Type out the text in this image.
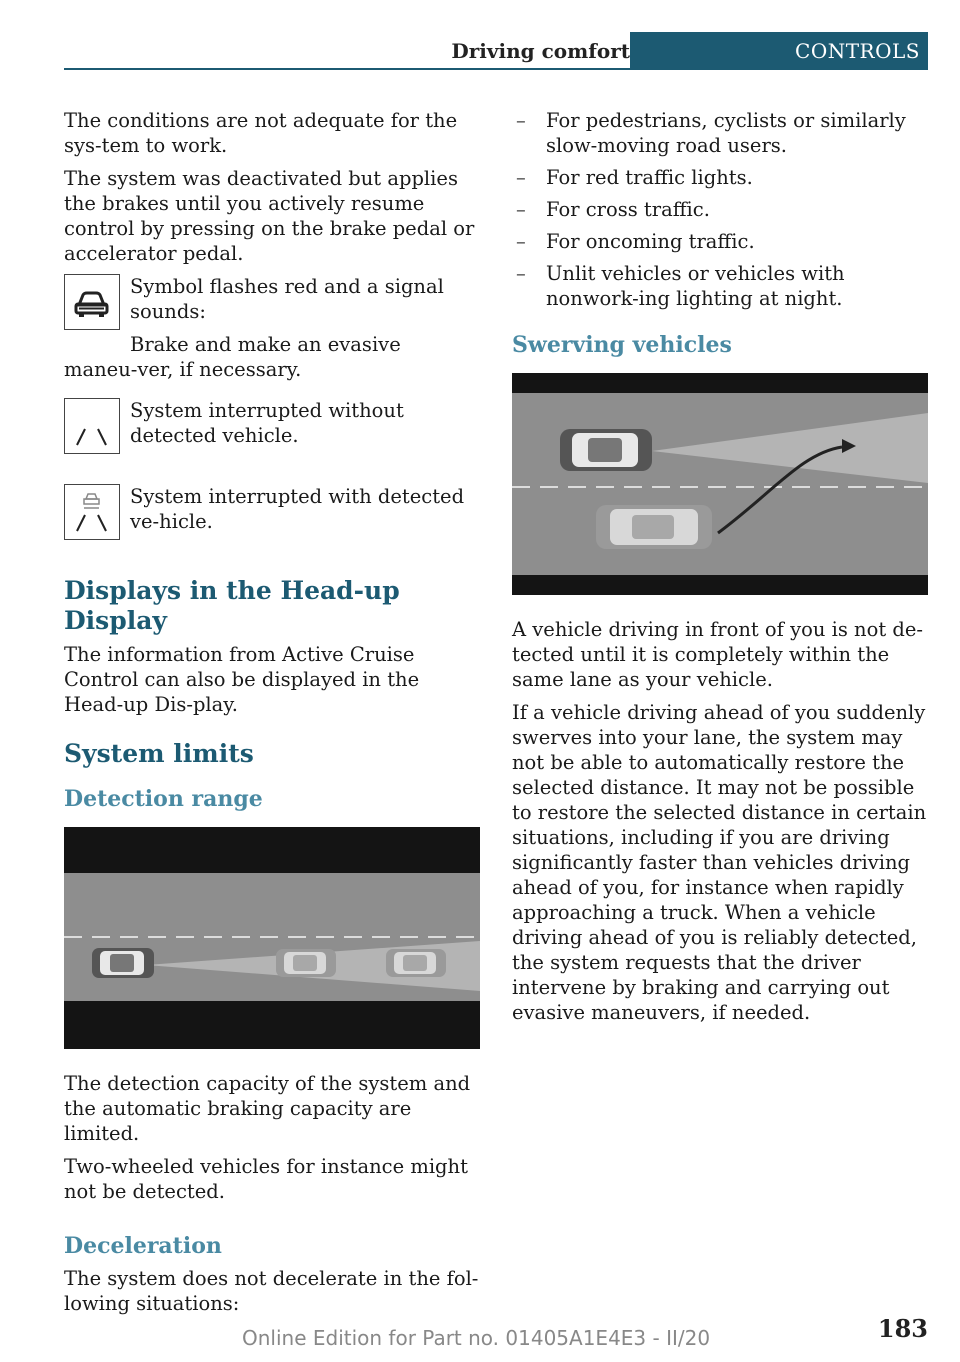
Driving comfort	CONTROLS

The conditions are not adequate for the sys-tem to work.

The system was deactivated but applies the brakes until you actively resume control by pressing on the brake pedal or accelerator pedal.

Symbol flashes red and a signal sounds:

Brake and make an evasive maneu-ver, if necessary.

System interrupted without detected vehicle.

System interrupted with detected ve-hicle.

Displays in the Head-up Display

The information from Active Cruise Control can also be displayed in the Head-up Dis-play.

System limits
Detection range

The detection capacity of the system and the automatic braking capacity are limited.

Two-wheeled vehicles for instance might not be detected.

Deceleration

The system does not decelerate in the fol-lowing situations:

– For pedestrians, cyclists or similarly slow-moving road users.
– For red traffic lights.
– For cross traffic.
– For oncoming traffic.
– Unlit vehicles or vehicles with nonwork-ing lighting at night.
Swerving vehicles

A vehicle driving in front of you is not de-tected until it is completely within the same lane as your vehicle.

If a vehicle driving ahead of you suddenly swerves into your lane, the system may not be able to automatically restore the selected distance. It may not be possible to restore the selected distance in certain situations, including if you are driving significantly faster than vehicles driving ahead of you, for instance when rapidly approaching a truck. When a vehicle driving ahead of you is reliably detected, the system requests that the driver intervene by braking and carrying out evasive maneuvers, if needed.

183
Online Edition for Part no. 01405A1E4E3 - II/20
